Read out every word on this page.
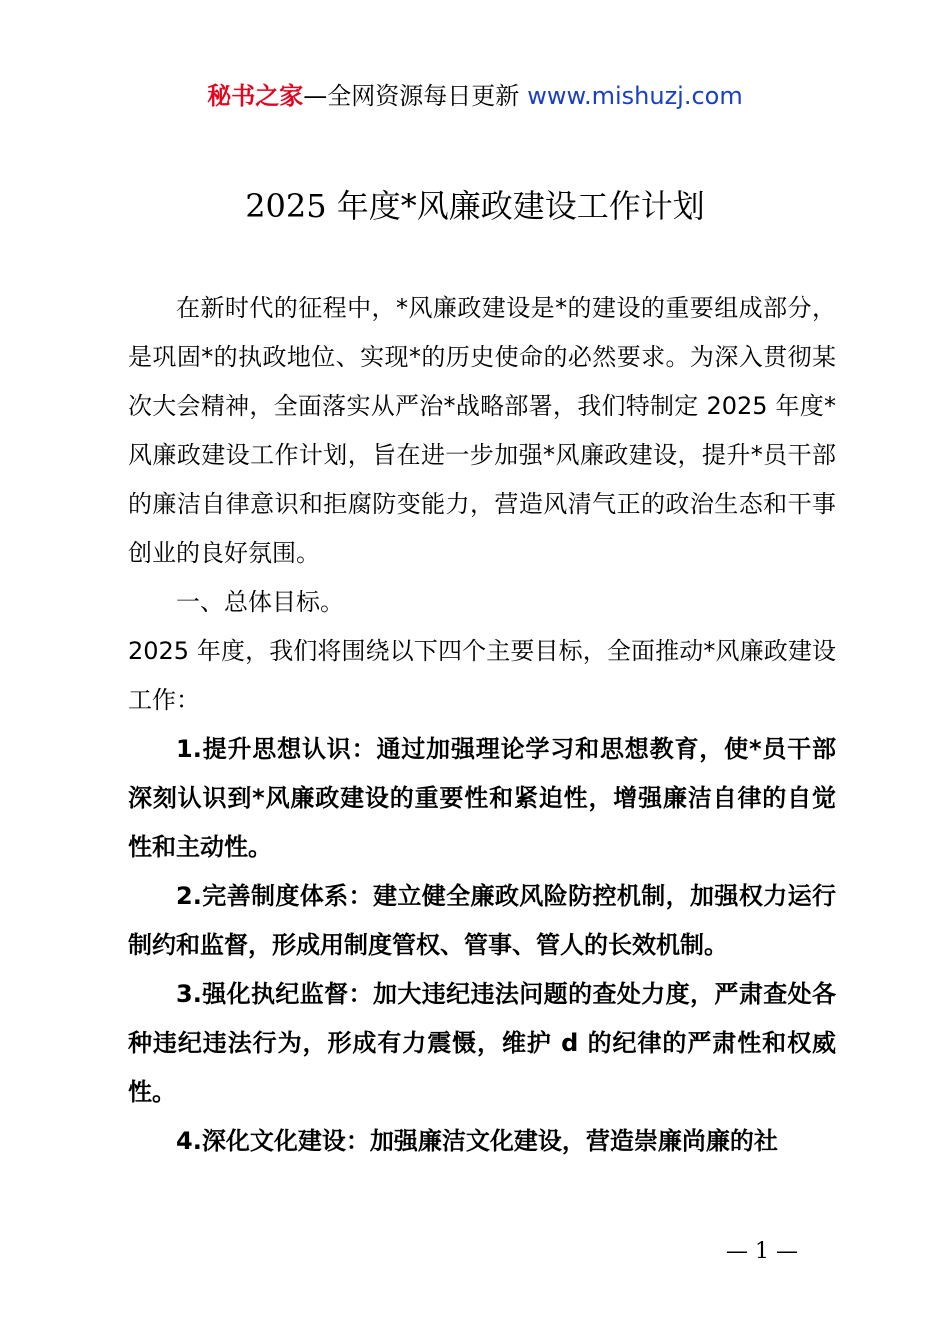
秘书之家—全网资源每日更新 www.mishuzj.com
2025 年度*风廉政建设工作计划

在新时代的征程中，*风廉政建设是*的建设的重要组成部分，是巩固*的执政地位、实现*的历史使命的必然要求。为深入贯彻某次大会精神，全面落实从严治*战略部署，我们特制定 2025 年度*风廉政建设工作计划，旨在进一步加强*风廉政建设，提升*员干部的廉洁自律意识和拒腐防变能力，营造风清气正的政治生态和干事创业的良好氛围。

一、总体目标。

2025 年度，我们将围绕以下四个主要目标，全面推动*风廉政建设工作：

1.提升思想认识：通过加强理论学习和思想教育，使*员干部深刻认识到*风廉政建设的重要性和紧迫性，增强廉洁自律的自觉性和主动性。

2.完善制度体系：建立健全廉政风险防控机制，加强权力运行制约和监督，形成用制度管权、管事、管人的长效机制。

3.强化执纪监督：加大违纪违法问题的查处力度，严肃查处各种违纪违法行为，形成有力震慑，维护 d 的纪律的严肃性和权威性。

4.深化文化建设：加强廉洁文化建设，营造崇廉尚廉的社

— 1 —
